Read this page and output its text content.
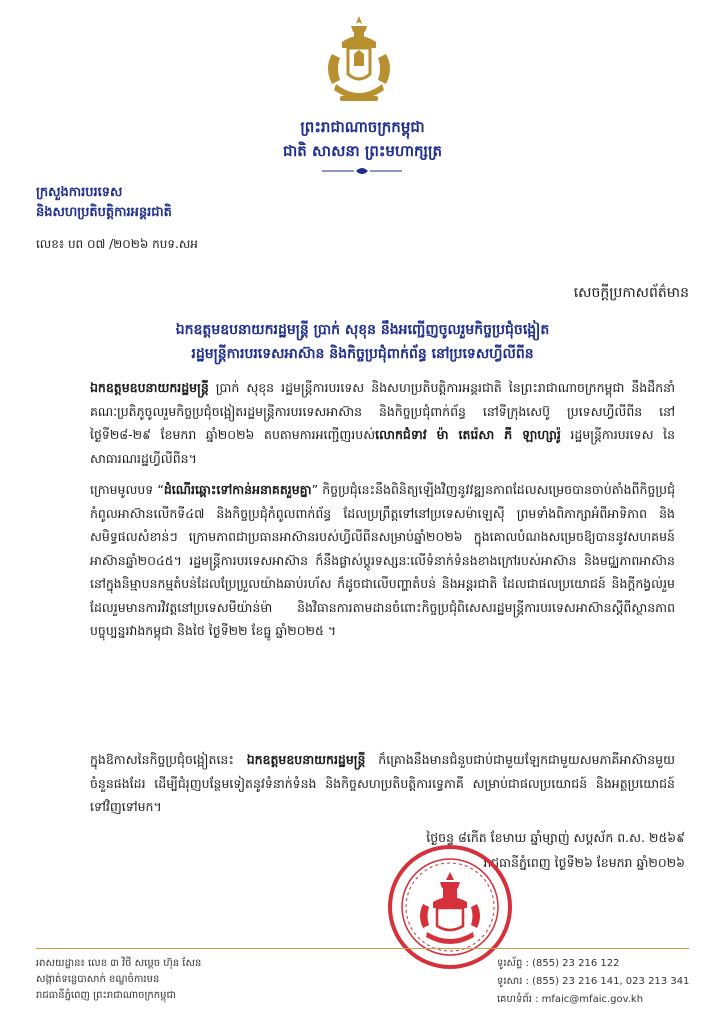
ព្រះរាជាណាចក្រកម្ពុជា
ជាតិ សាសនា ព្រះមហាក្សត្រ
ក្រសួងការបរទេស
និងសហប្រតិបត្តិការអន្តរជាតិ
លេខ៖ បព ០៧ /២០២៦ កបទ.សអ
សេចក្តីប្រកាសព័ត៌មាន
ឯកឧត្តមឧបនាយករដ្ឋមន្ត្រី ប្រាក់ សុខុន នឹងអញ្ជើញចូលរួមកិច្ចប្រជុំចង្អៀត
រដ្ឋមន្ត្រីការបរទេសអាស៊ាន និងកិច្ចប្រជុំពាក់ព័ន្ធ នៅប្រទេសហ្វីលីពីន
ឯកឧត្តមឧបនាយករដ្ឋមន្ត្រី ប្រាក់ សុខុន រដ្ឋមន្ត្រីការបរទេស និងសហប្រតិបត្តិការអន្តរជាតិ នៃព្រះរាជាណាចក្រកម្ពុជា នឹងដឹកនាំគណៈប្រតិភូចូលរួមកិច្ចប្រជុំចង្អៀតរដ្ឋមន្ត្រីការបរទេសអាស៊ាន និងកិច្ចប្រជុំពាក់ព័ន្ធ នៅទីក្រុងសេប៊ូ ប្រទេសហ្វីលីពីន នៅថ្ងៃទី២៨-២៩ ខែមករា ឆ្នាំ២០២៦ តបតាមការអញ្ជើញរបស់លោកជំទាវ ម៉ា តេរ៉េសា ភី ឡាហ្សារ៉ូ រដ្ឋមន្ត្រីការបរទេស នៃសាធារណរដ្ឋហ្វីលីពីន។
ក្រោមមូលបទ “ដំណើរឆ្ពោះទៅកាន់អនាគតរួមគ្នា” កិច្ចប្រជុំនេះនឹងពិនិត្យឡើងវិញនូវវឌ្ឍនភាពដែលសម្រេចបានចាប់តាំងពីកិច្ចប្រជុំកំពូលអាស៊ានលើកទី៤៧ និងកិច្ចប្រជុំកំពូលពាក់ព័ន្ធ ដែលប្រព្រឹត្តទៅនៅប្រទេសម៉ាឡេស៊ី ព្រមទាំងពិភាក្សាអំពីអាទិភាព និងសមិទ្ធផលសំខាន់ៗ ក្រោមភាពជាប្រធានអាស៊ានរបស់ហ្វីលីពីនសម្រាប់ឆ្នាំ២០២៦ ក្នុងគោលបំណងសម្រេចឱ្យបាននូវសហគមន៍អាស៊ានឆ្នាំ២០៤៥។ រដ្ឋមន្ត្រីការបរទេសអាស៊ាន ក៏នឹងផ្លាស់ប្តូរទស្សនៈលើទំនាក់ទំនងខាងក្រៅរបស់អាស៊ាន និងមជ្ឈភាពអាស៊ាននៅក្នុងនិម្មាបនកម្មតំបន់ដែលប្រែប្រួលយ៉ាងឆាប់រហ័ស ក៏ដូចជាលើបញ្ហាតំបន់ និងអន្តរជាតិ ដែលជាផលប្រយោជន៍ និងក្តីកង្វល់រួម ដែលរួមមានការវិវត្តនៅប្រទេសមីយ៉ាន់ម៉ា និងវិធានការតាមដានចំពោះកិច្ចប្រជុំពិសេសរដ្ឋមន្ត្រីការបរទេសអាស៊ានស្តីពីស្ថានភាពបច្ចុប្បន្នរវាងកម្ពុជា និងថៃ ថ្ងៃទី២២ ខែធ្នូ ឆ្នាំ២០២៥ ។
ក្នុងឱកាសនៃកិច្ចប្រជុំចង្អៀតនេះ ឯកឧត្តមឧបនាយករដ្ឋមន្ត្រី ក៏គ្រោងនឹងមានជំនួបជាប់ជាមួយឡែកជាមួយសមភាគីអាស៊ានមួយចំនួនផងដែរ ដើម្បីជំរុញបន្ថែមទៀតនូវទំនាក់ទំនង និងកិច្ចសហប្រតិបត្តិការទ្វេភាគី សម្រាប់ជាផលប្រយោជន៍ និងអត្ថប្រយោជន៍ទៅវិញទៅមក។
ថ្ងៃចន្ទ ៨កើត ខែមាឃ ឆ្នាំម្សាញ់ សប្តស័ក ព.ស. ២៥៦៩
រាជធានីភ្នំពេញ ថ្ងៃទី២៦ ខែមករា ឆ្នាំ២០២៦
អាសយដ្ឋាន៖ លេខ ៣ វិថី សម្តេច ហ៊ុន សែន
សង្កាត់ទន្លេបាសាក់ ខណ្ឌចំការមន
រាជធានីភ្នំពេញ ព្រះរាជាណាចក្រកម្ពុជា
ទូរស័ព្ទ : (855) 23 216 122
ទូរសារ : (855) 23 216 141, 023 213 341
គេហទំព័រ : mfaic@mfaic.gov.kh
